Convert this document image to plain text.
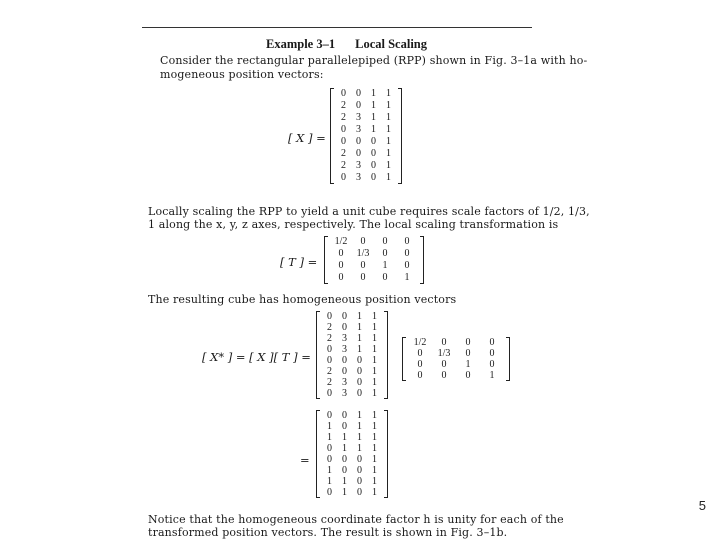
Example 3–1 Local Scaling
Consider the rectangular parallelepiped (RPP) shown in Fig. 3–1a with ho-
mogeneous position vectors:
[ X ] =
0	0	1	1
2	0	1	1
2	3	1	1
0	3	1	1
0	0	0	1
2	0	0	1
2	3	0	1
0	3	0	1
Locally scaling the RPP to yield a unit cube requires scale factors of 1/2, 1/3,
1 along the x, y, z axes, respectively. The local scaling transformation is
[ T ] =
1/2	0	0	0
0	1/3	0	0
0	0	1	0
0	0	0	1
The resulting cube has homogeneous position vectors
[ X* ] = [ X ][ T ] =
0	0	1	1
2	0	1	1
2	3	1	1
0	3	1	1
0	0	0	1
2	0	0	1
2	3	0	1
0	3	0	1
1/2	0	0	0
0	1/3	0	0
0	0	1	0
0	0	0	1
=
0	0	1	1
1	0	1	1
1	1	1	1
0	1	1	1
0	0	0	1
1	0	0	1
1	1	0	1
0	1	0	1
Notice that the homogeneous coordinate factor h is unity for each of the
transformed position vectors. The result is shown in Fig. 3–1b.
5
